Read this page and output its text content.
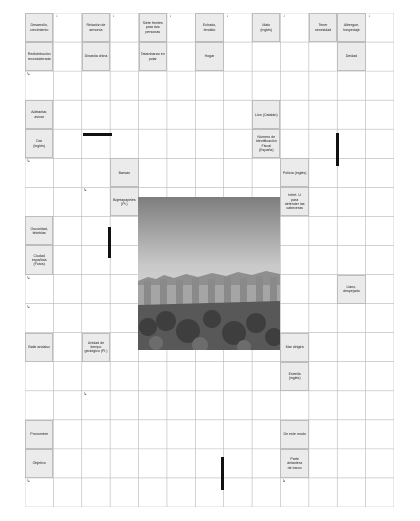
Desarrollo,
crecimiento
Redistribución
reconsiderada
Relación de
armonía
Dinastía china
Siete frentes
para dos
personas
Tatambarau en
polar
Echado,
tendido
Hogar
Malo
(inglés)
Tener
necesidad
Albergue,
hospedaje
Deidad
Adelantar,
avivar
Dar
(inglés)
Lion (Catalán)
Número de
Identificación
Fiscal (España)
Barsán
Bojetapapeles
(Pl.)
Policía (inglés)
Infert. U
para
defender las
cabeceras
Oscuridad,
tinieblas
Ciudad
española
(Fotos)

Llano,
despejado
Baile andaluz
Unidad de
tiempo
geológico (Pl.)
Mar dirigirá
Estrella (inglés)
Pronombre
Objetivo
De este modo
Parte delantera
de barco
↓	↓	↓	↓	↓	↓
↳
↳
↳
↳
↳
↳
↳	↳
